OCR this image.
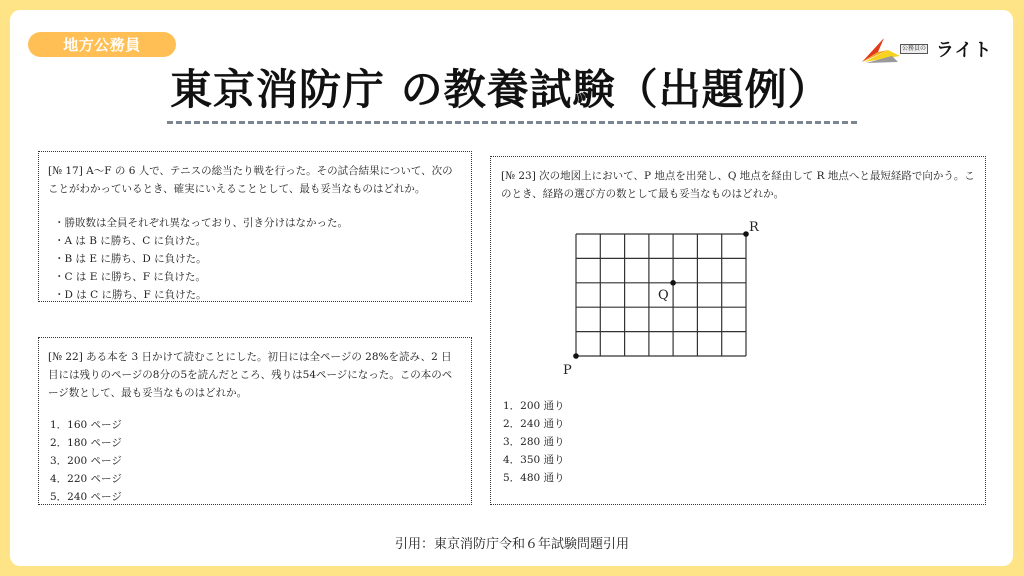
地方公務員
東京消防庁 の教養試験（出題例）
公務員の ライト
[№ 17] A〜F の 6 人で、テニスの総当たり戦を行った。その試合結果について、次のことがわかっているとき、確実にいえることとして、最も妥当なものはどれか。
・勝敗数は全員それぞれ異なっており、引き分けはなかった。
・A は B に勝ち、C に負けた。
・B は E に勝ち、D に負けた。
・C は E に勝ち、F に負けた。
・D は C に勝ち、F に負けた。
[№ 22] ある本を 3 日かけて読むことにした。初日には全ページの 28%を読み、2 日目には残りのページの8分の5を読んだところ、残りは54ページになった。この本のページ数として、最も妥当なものはどれか。
1．160 ページ
2．180 ページ
3．200 ページ
4．220 ページ
5．240 ページ
[№ 23] 次の地図上において、P 地点を出発し、Q 地点を経由して R 地点へと最短経路で向かう。このとき、経路の選び方の数として最も妥当なものはどれか。
P
Q
R
1．200 通り
2．240 通り
3．280 通り
4．350 通り
5．480 通り
引用：東京消防庁令和６年試験問題引用
